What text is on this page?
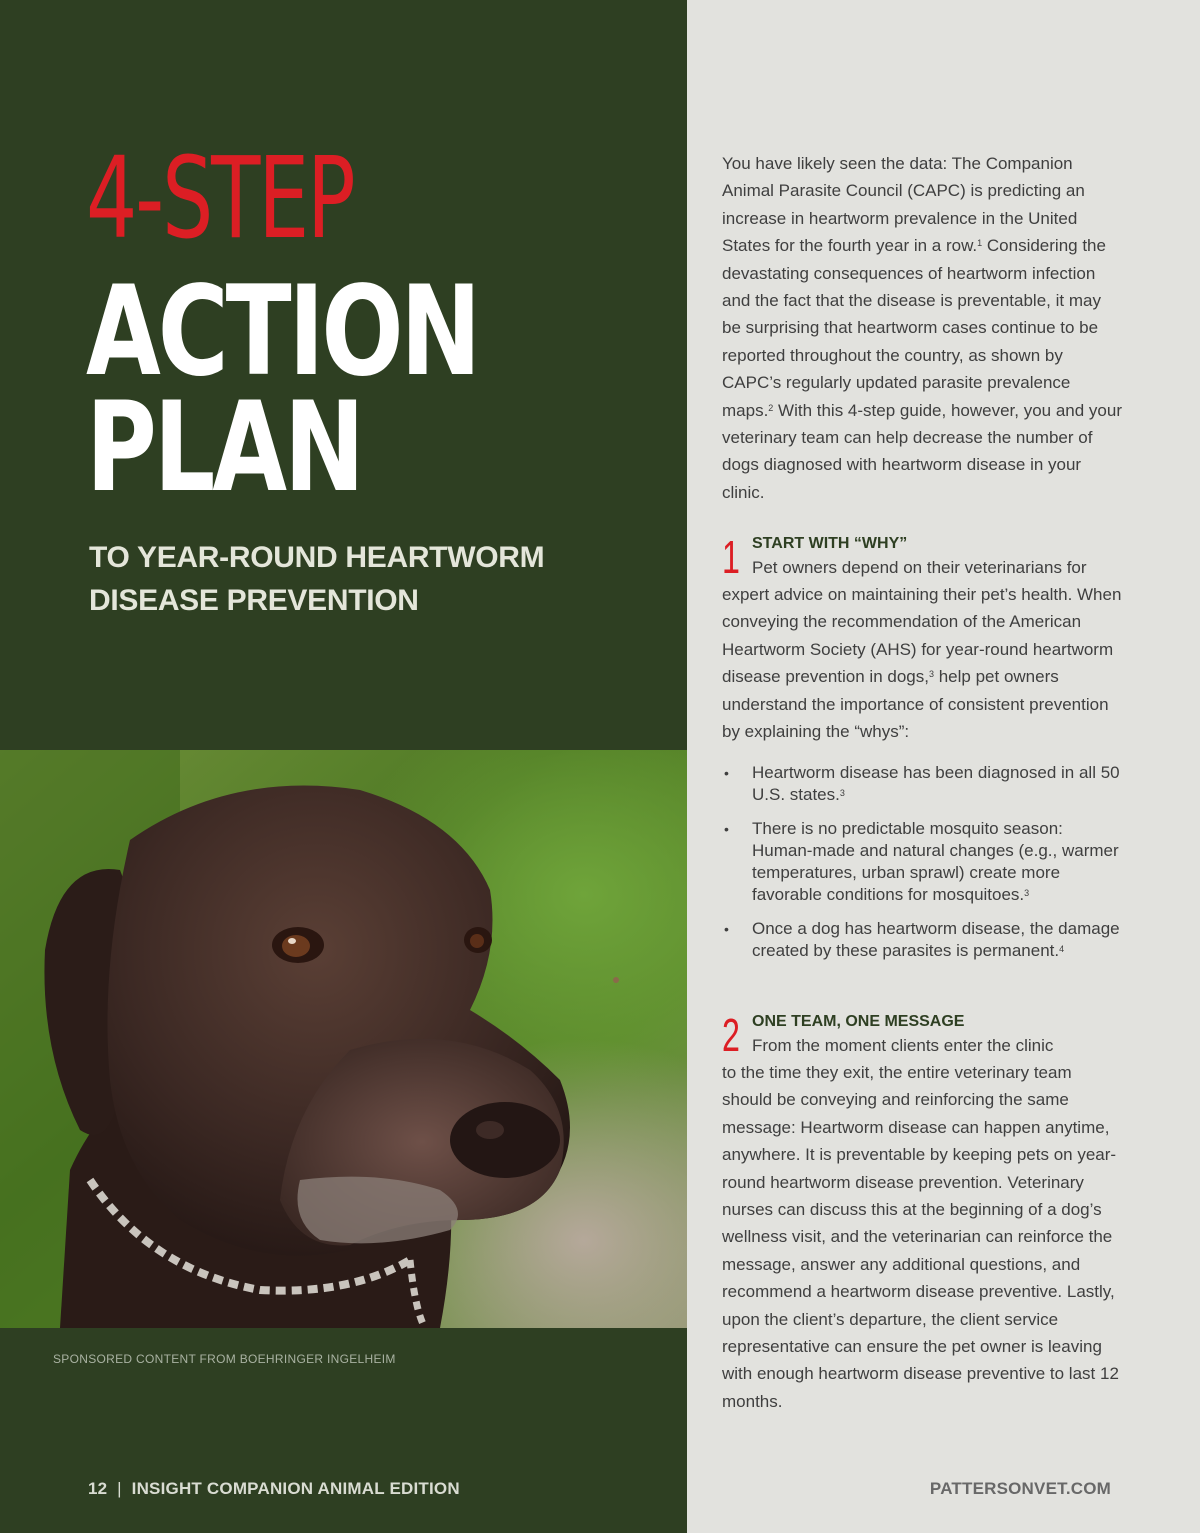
4-STEP
ACTION
PLAN
TO YEAR-ROUND HEARTWORM DISEASE PREVENTION
SPONSORED CONTENT FROM BOEHRINGER INGELHEIM
12 | INSIGHT COMPANION ANIMAL EDITION	PATTERSONVET.COM

You have likely seen the data: The Companion Animal Parasite Council (CAPC) is predicting an increase in heartworm prevalence in the United States for the fourth year in a row.$^1$ Considering the devastating consequences of heartworm infection and the fact that the disease is preventable, it may be surprising that heartworm cases continue to be reported throughout the country, as shown by CAPC’s regularly updated parasite prevalence maps.$^2$ With this 4-step guide, however, you and your veterinary team can help decrease the number of dogs diagnosed with heartworm disease in your clinic.

1 START WITH “WHY”

Pet owners depend on their veterinarians for

expert advice on maintaining their pet’s health. When conveying the recommendation of the American Heartworm Society (AHS) for year-round heartworm disease prevention in dogs,$^3$ help pet owners understand the importance of consistent prevention by explaining the “whys”:

• Heartworm disease has been diagnosed in all 50 U.S. states.$^3$
• There is no predictable mosquito season: Human-made and natural changes (e.g., warmer temperatures, urban sprawl) create more favorable conditions for mosquitoes.$^3$
• Once a dog has heartworm disease, the damage created by these parasites is permanent.$^4$
2 ONE TEAM, ONE MESSAGE

From the moment clients enter the clinic

to the time they exit, the entire veterinary team should be conveying and reinforcing the same message: Heartworm disease can happen anytime, anywhere. It is preventable by keeping pets on year-round heartworm disease prevention. Veterinary nurses can discuss this at the beginning of a dog’s wellness visit, and the veterinarian can reinforce the message, answer any additional questions, and recommend a heartworm disease preventive. Lastly, upon the client’s departure, the client service representative can ensure the pet owner is leaving with enough heartworm disease preventive to last 12 months.
